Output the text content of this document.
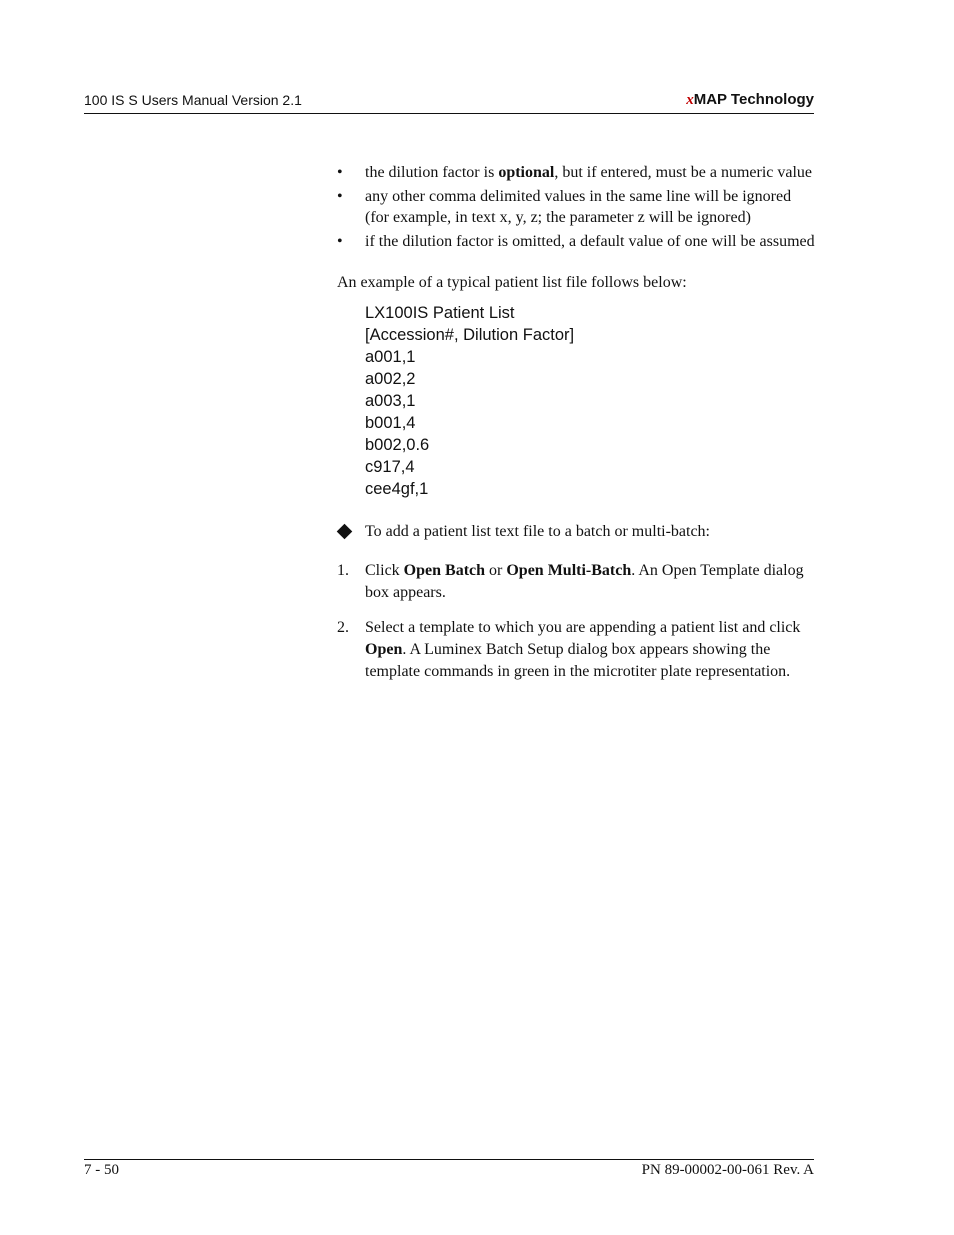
100 IS S Users Manual Version 2.1	xMAP Technology
• the dilution factor is optional, but if entered, must be a numeric value
• any other comma delimited values in the same line will be ignored (for example, in text x, y, z; the parameter z will be ignored)
• if the dilution factor is omitted, a default value of one will be assumed

An example of a typical patient list file follows below:

LX100IS Patient List
[Accession#, Dilution Factor]
a001,1
a002,2
a003,1
b001,4
b002,0.6
c917,4
cee4gf,1
To add a patient list text file to a batch or multi-batch:
1. Click Open Batch or Open Multi-Batch. An Open Template dialog box appears.
2. Select a template to which you are appending a patient list and click Open. A Luminex Batch Setup dialog box appears showing the template commands in green in the microtiter plate representation.
7 - 50	PN 89-00002-00-061 Rev. A
